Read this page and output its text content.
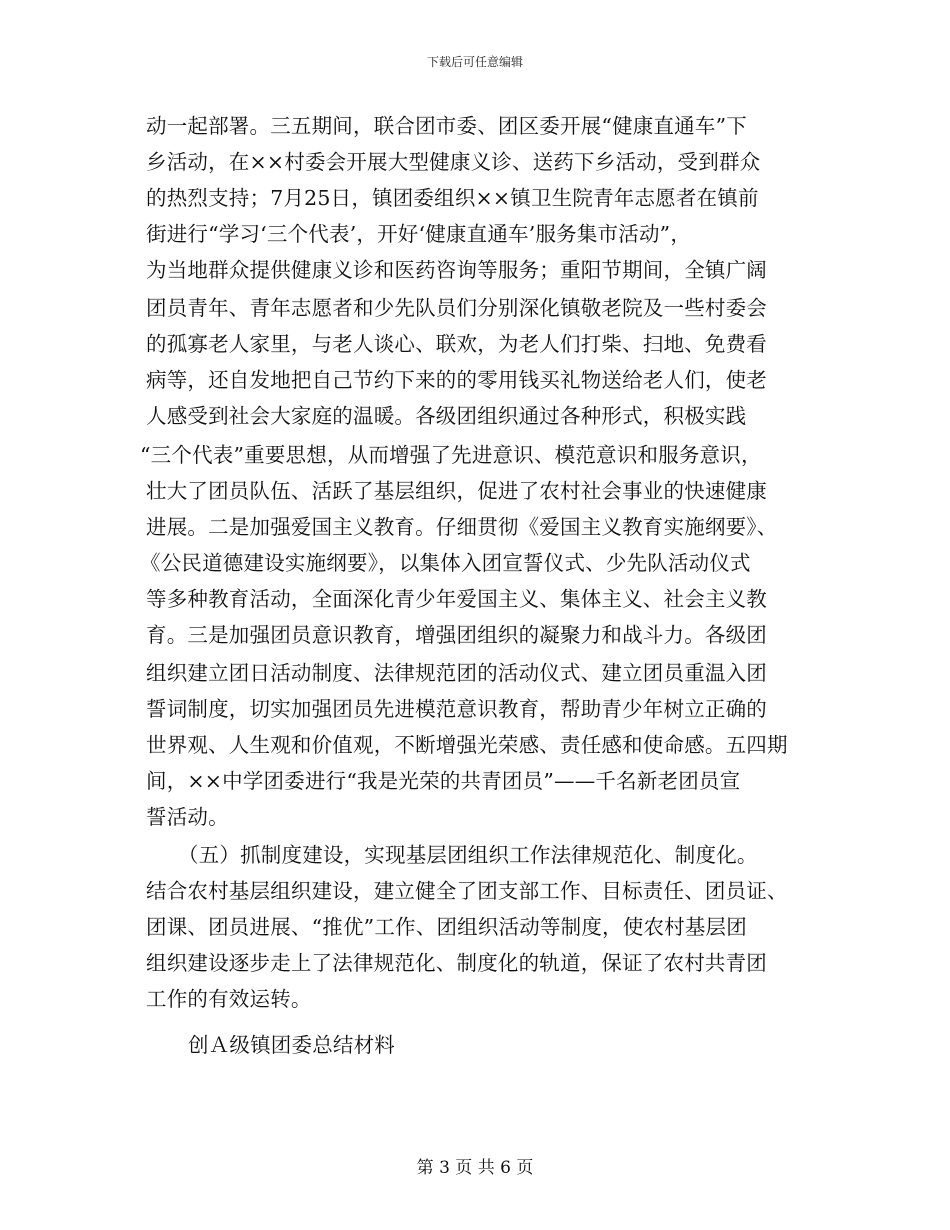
下载后可任意编辑
动一起部署。三五期间，联合团市委、团区委开展“健康直通车”下
乡活动，在××村委会开展大型健康义诊、送药下乡活动，受到群众
的热烈支持；7月25日，镇团委组织××镇卫生院青年志愿者在镇前
街进行“学习‘三个代表’，开好‘健康直通车’服务集市活动”，
为当地群众提供健康义诊和医药咨询等服务；重阳节期间，全镇广阔
团员青年、青年志愿者和少先队员们分别深化镇敬老院及一些村委会
的孤寡老人家里，与老人谈心、联欢，为老人们打柴、扫地、免费看
病等，还自发地把自己节约下来的的零用钱买礼物送给老人们，使老
人感受到社会大家庭的温暖。各级团组织通过各种形式，积极实践
“三个代表”重要思想，从而增强了先进意识、模范意识和服务意识，
壮大了团员队伍、活跃了基层组织，促进了农村社会事业的快速健康
进展。二是加强爱国主义教育。仔细贯彻《爱国主义教育实施纲要》、
《公民道德建设实施纲要》，以集体入团宣誓仪式、少先队活动仪式
等多种教育活动，全面深化青少年爱国主义、集体主义、社会主义教
育。三是加强团员意识教育，增强团组织的凝聚力和战斗力。各级团
组织建立团日活动制度、法律规范团的活动仪式、建立团员重温入团
誓词制度，切实加强团员先进模范意识教育，帮助青少年树立正确的
世界观、人生观和价值观，不断增强光荣感、责任感和使命感。五四期
间，××中学团委进行“我是光荣的共青团员”——千名新老团员宣
誓活动。
（五）抓制度建设，实现基层团组织工作法律规范化、制度化。
结合农村基层组织建设，建立健全了团支部工作、目标责任、团员证、
团课、团员进展、“推优”工作、团组织活动等制度，使农村基层团
组织建设逐步走上了法律规范化、制度化的轨道，保证了农村共青团
工作的有效运转。
创Ａ级镇团委总结材料
第 3 页 共 6 页
